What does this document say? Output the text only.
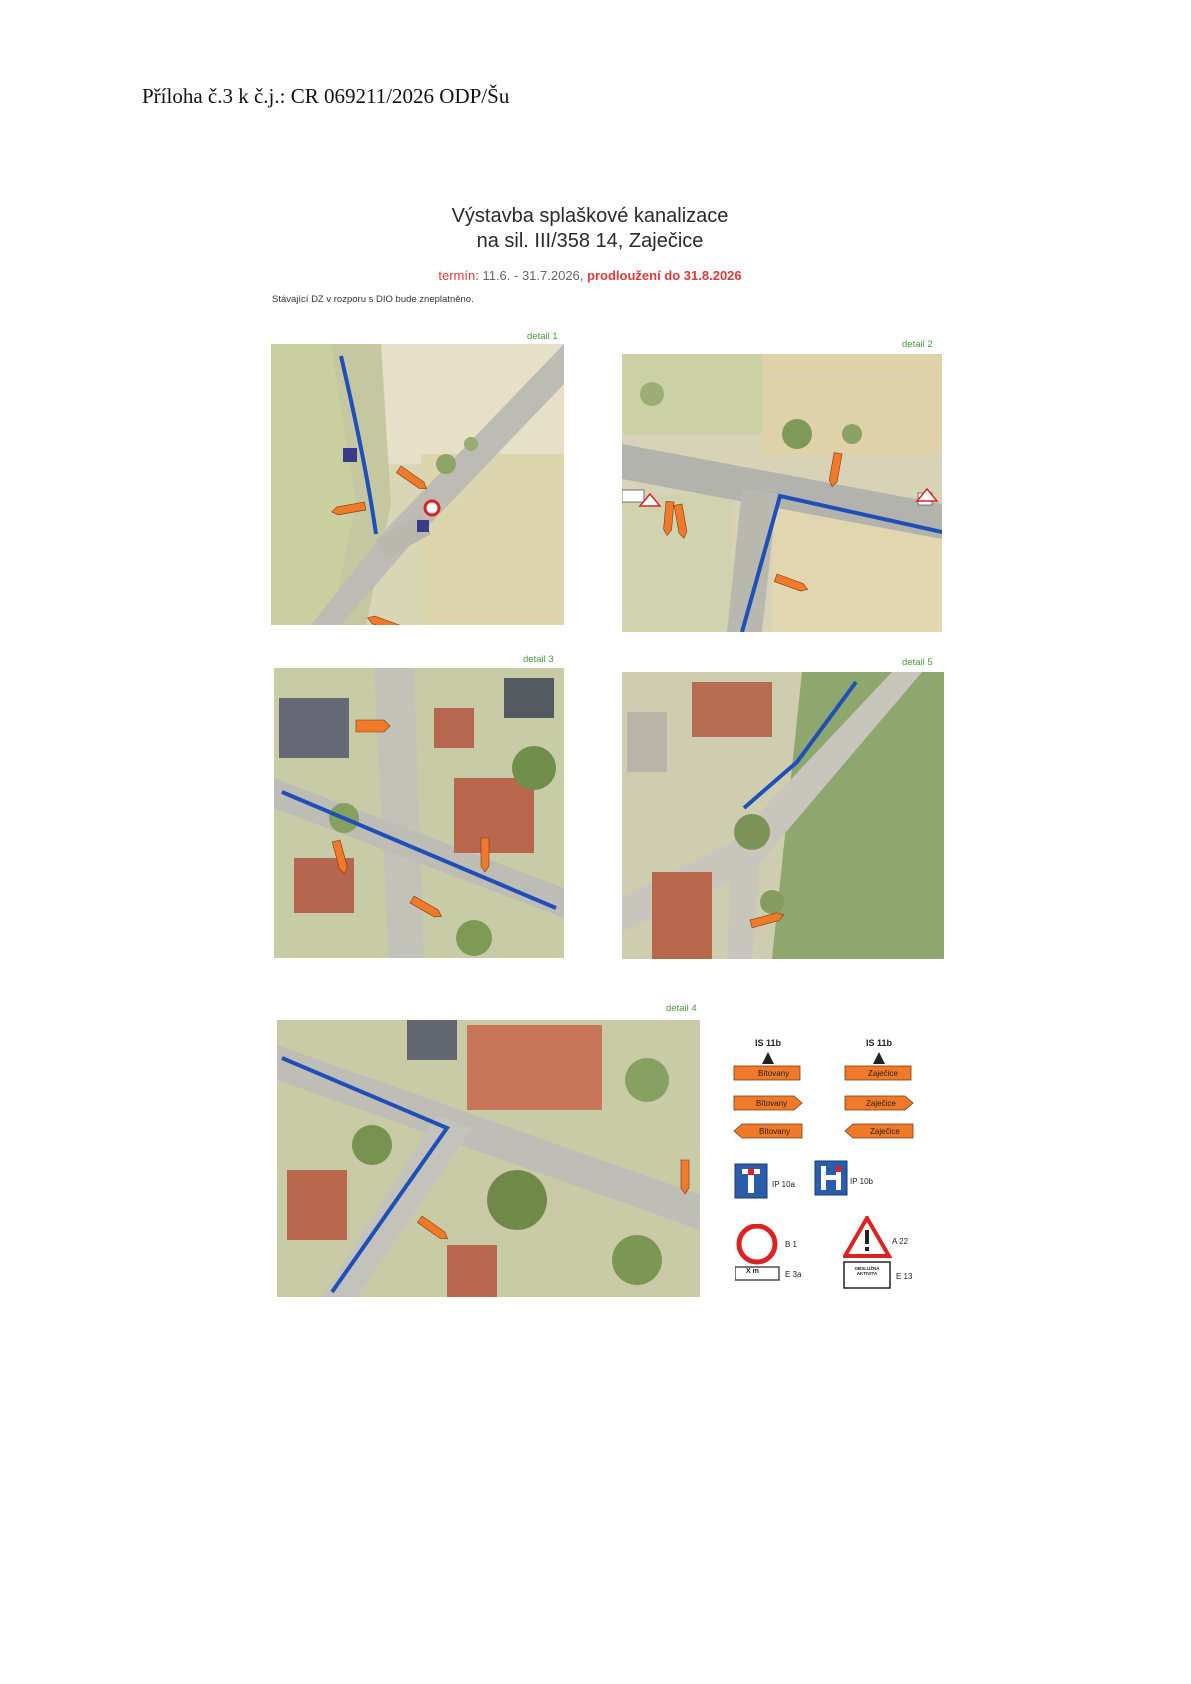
Příloha č.3 k č.j.: CR 069211/2026 ODP/Šu
Výstavba splaškové kanalizace
na sil. III/358 14, Zaječice
termín: 11.6. - 31.7.2026, prodloužení do 31.8.2026
Stávající DZ v rozporu s DIO bude zneplatněno.
detail 1
detail 2
detail 3	detail 5
detail 4
IS 11b	IS 11b
Bítovany
Bítovany
Bítovany
Zaječice
Zaječice
Zaječice
IP 10a	IP 10b
X m
B 1
E 3a
OBSLUŽNÁ AKTIVITA
A 22
E 13
